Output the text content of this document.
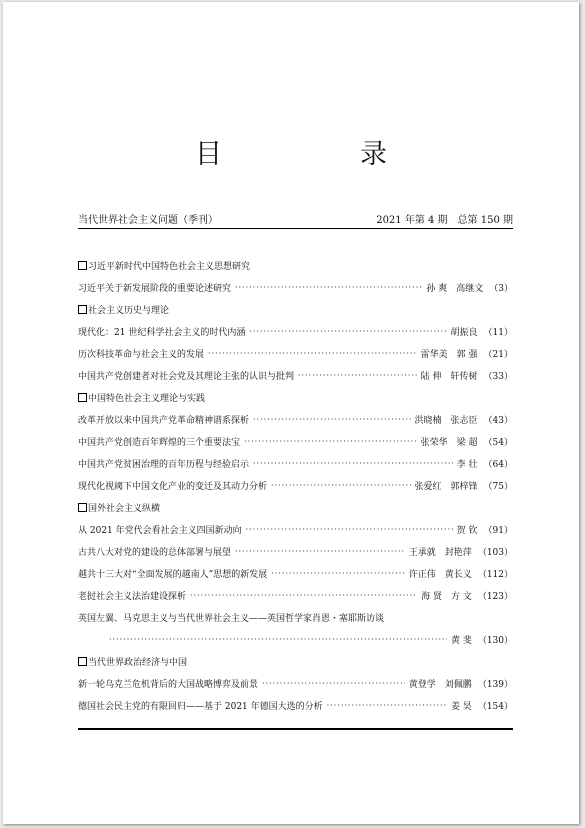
目　　录
当代世界社会主义问题（季刊）	2021 年第 4 期　总第 150 期
习近平新时代中国特色社会主义思想研究
习近平关于新发展阶段的重要论述研究 ·····	孙 爽　高继文 （3）
社会主义历史与理论
现代化：21 世纪科学社会主义的时代内涵 ·····	胡振良 （11）
历次科技革命与社会主义的发展 ·····	雷华美　郭 强 （21）
中国共产党创建者对社会党及其理论主张的认识与批判 ·····	陆 伸　轩传树 （33）
中国特色社会主义理论与实践
改革开放以来中国共产党革命精神谱系探析 ·····	洪晓楠　张志臣 （43）
中国共产党创造百年辉煌的三个重要法宝 ·····	张荣华　梁 超 （54）
中国共产党贫困治理的百年历程与经验启示 ·····	李 壮 （64）
现代化视阈下中国文化产业的变迁及其动力分析 ·····	张爱红　郭梓锋 （75）
国外社会主义纵横
从 2021 年党代会看社会主义四国新动向 ·····	贺 钦 （91）
古共八大对党的建设的总体部署与展望 ·····	王承就　封艳萍 （103）
越共十三大对“全面发展的越南人”思想的新发展 ·····	许正伟　黄长义 （112）
老挝社会主义法治建设探析 ·····	海 贤　方 文 （123）
英国左翼、马克思主义与当代世界社会主义——英国哲学家肖恩・塞耶斯访谈
·····
黄 斐 （130）
当代世界政治经济与中国
新一轮乌克兰危机背后的大国战略博弈及前景 ·····	黄登学　刘佩鹏 （139）
德国社会民主党的有限回归——基于 2021 年德国大选的分析 ·····	姜 昊 （154）
